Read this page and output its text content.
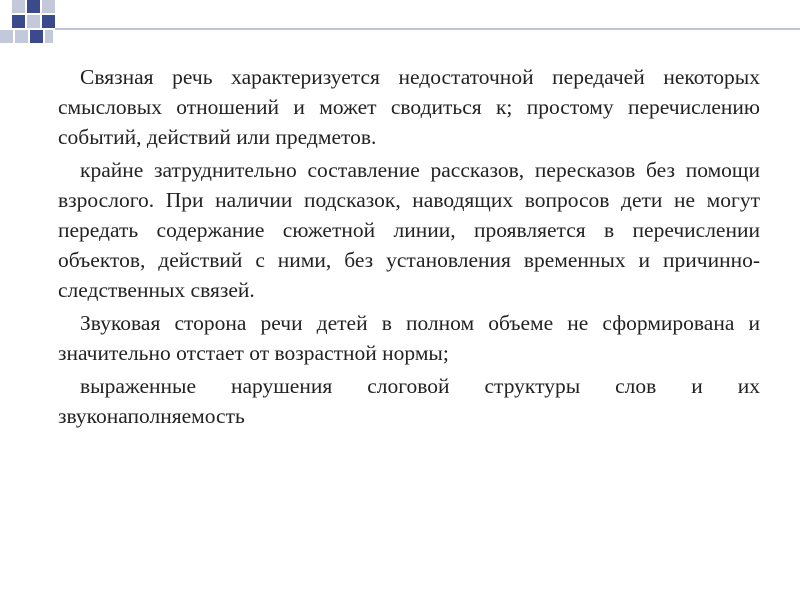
Связная речь характеризуется недостаточной передачей некоторых смысловых отношений и может сводиться к; простому перечислению событий, действий или предметов.

крайне затруднительно составление рассказов, пересказов без помощи взрослого. При наличии подсказок, наводящих вопросов дети не могут передать содержание сюжетной линии, проявляется в перечислении объектов, действий с ними, без установления временных и причинно-следственных связей.

Звуковая сторона речи детей в полном объеме не сформирована и значительно отстает от возрастной нормы;

выраженные нарушения слоговой структуры слов и их звуконаполняемость
